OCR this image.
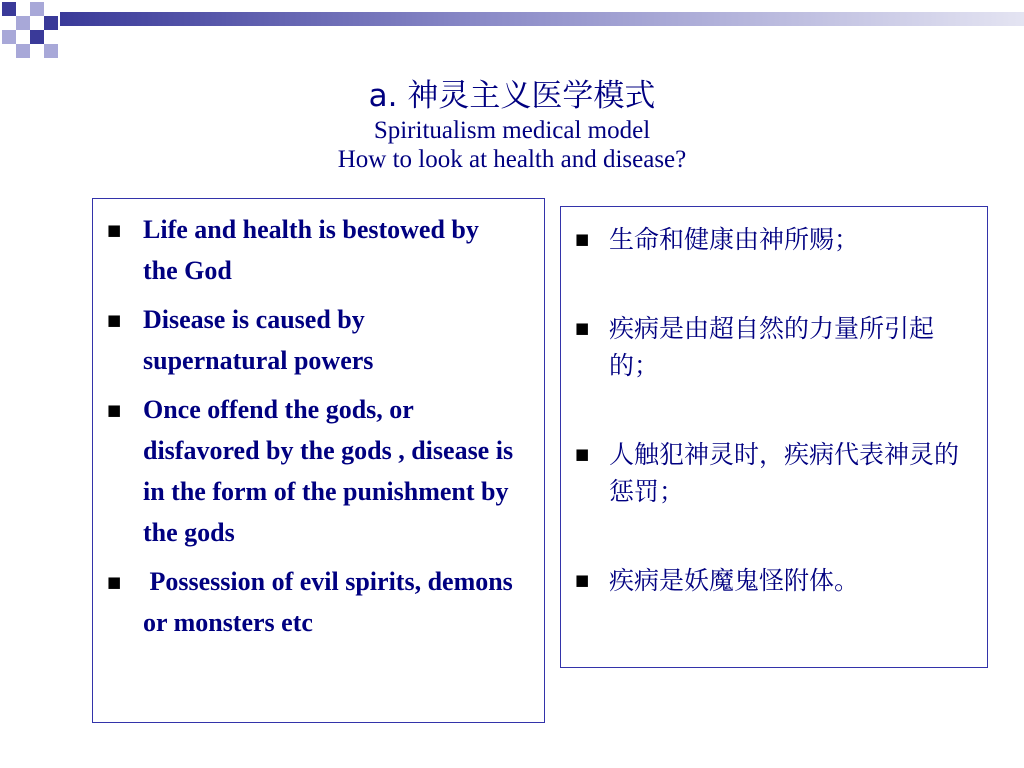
a. 神灵主义医学模式
Spiritualism medical model
How to look at health and disease?
■ Life and health is bestowed by the God
■ Disease is caused by supernatural powers
■ Once offend the gods, or disfavored by the gods , disease is in the form of the punishment by the gods
■ Possession of evil spirits, demons or monsters etc
■ 生命和健康由神所赐；
■ 疾病是由超自然的力量所引起的；
■ 人触犯神灵时，疾病代表神灵的惩罚；
■ 疾病是妖魔鬼怪附体。
